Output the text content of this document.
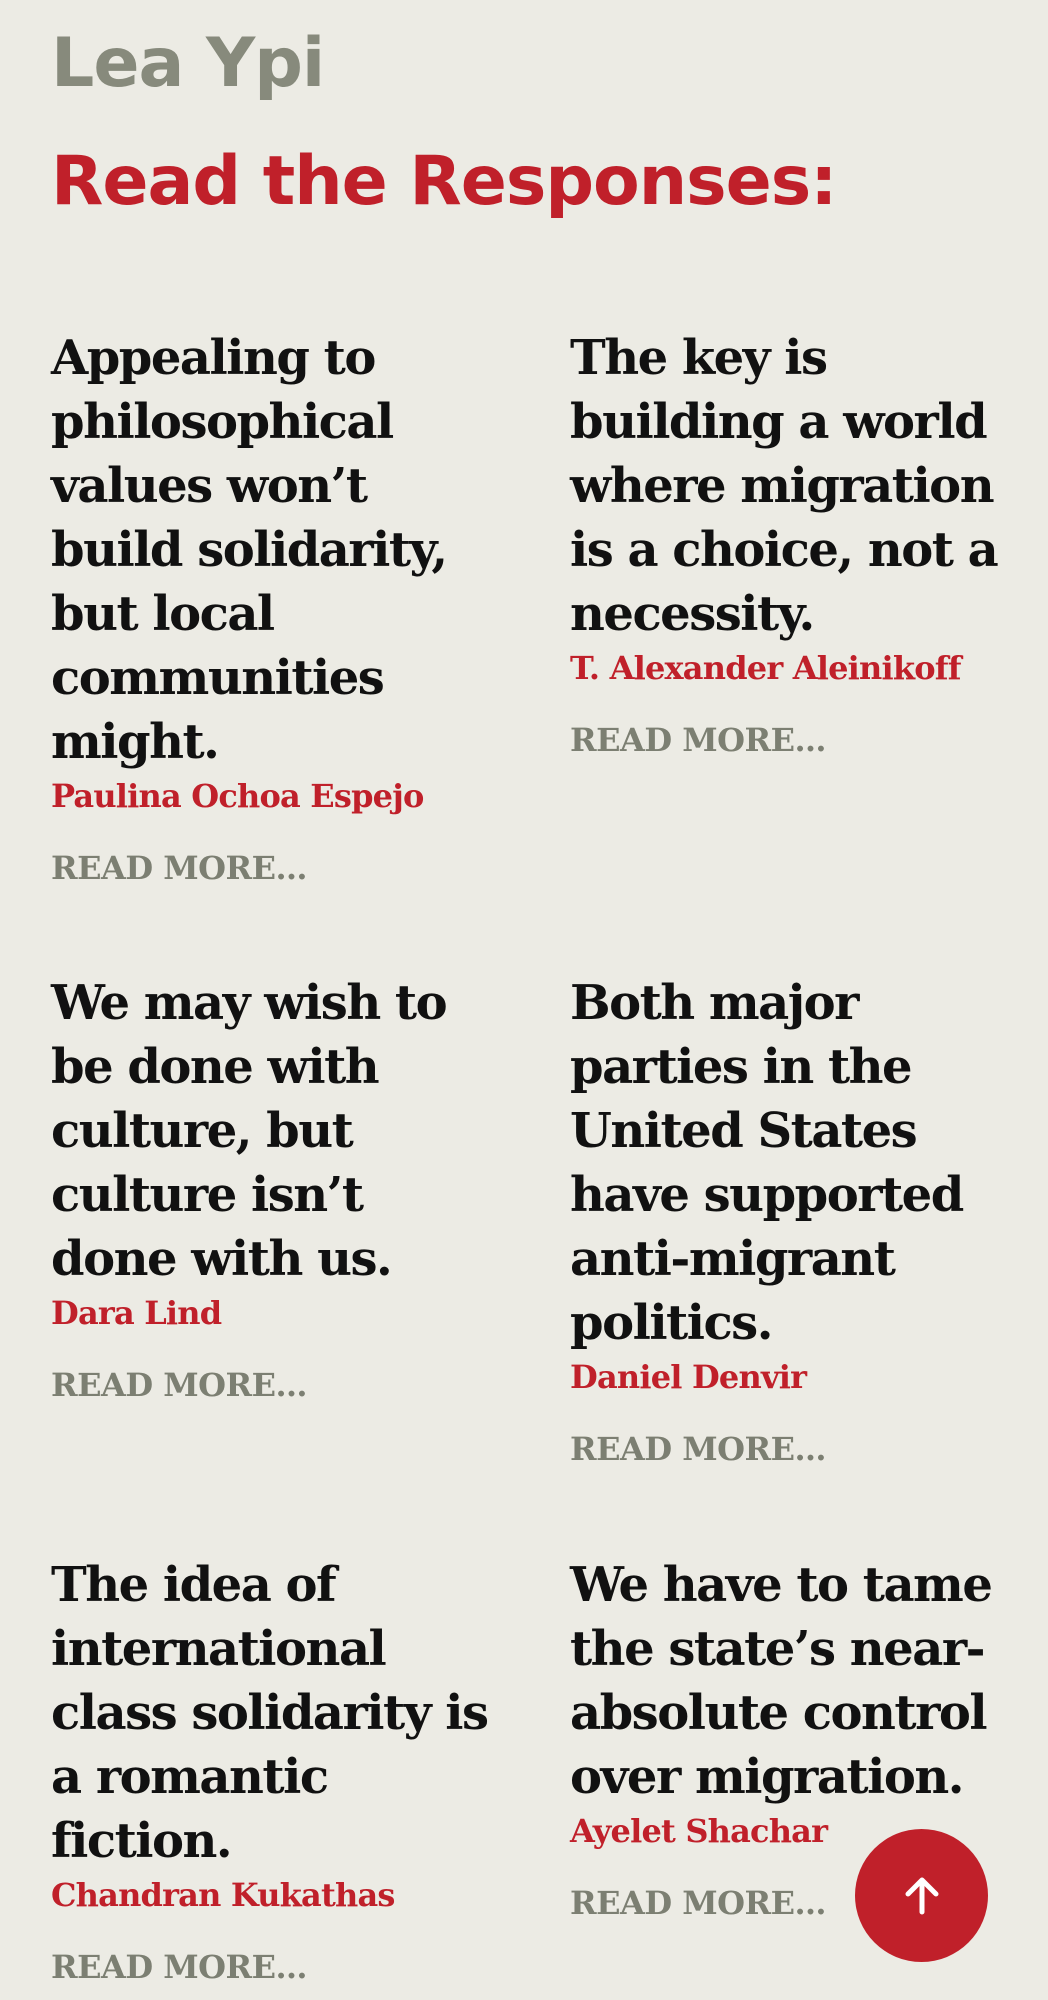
Lea Ypi
Read the Responses:
Appealing to philosophical values won’t build solidarity, but local communities might.
Paulina Ochoa Espejo
READ MORE…
The key is building a world where migration is a choice, not a necessity.
T. Alexander Aleinikoff
READ MORE…
We may wish to be done with culture, but culture isn’t done with us.
Dara Lind
READ MORE…
Both major parties in the United States have supported anti-migrant politics.
Daniel Denvir
READ MORE…
The idea of international class solidarity is a romantic fiction.
Chandran Kukathas
READ MORE…
We have to tame the state’s near-absolute control over migration.
Ayelet Shachar
READ MORE…
